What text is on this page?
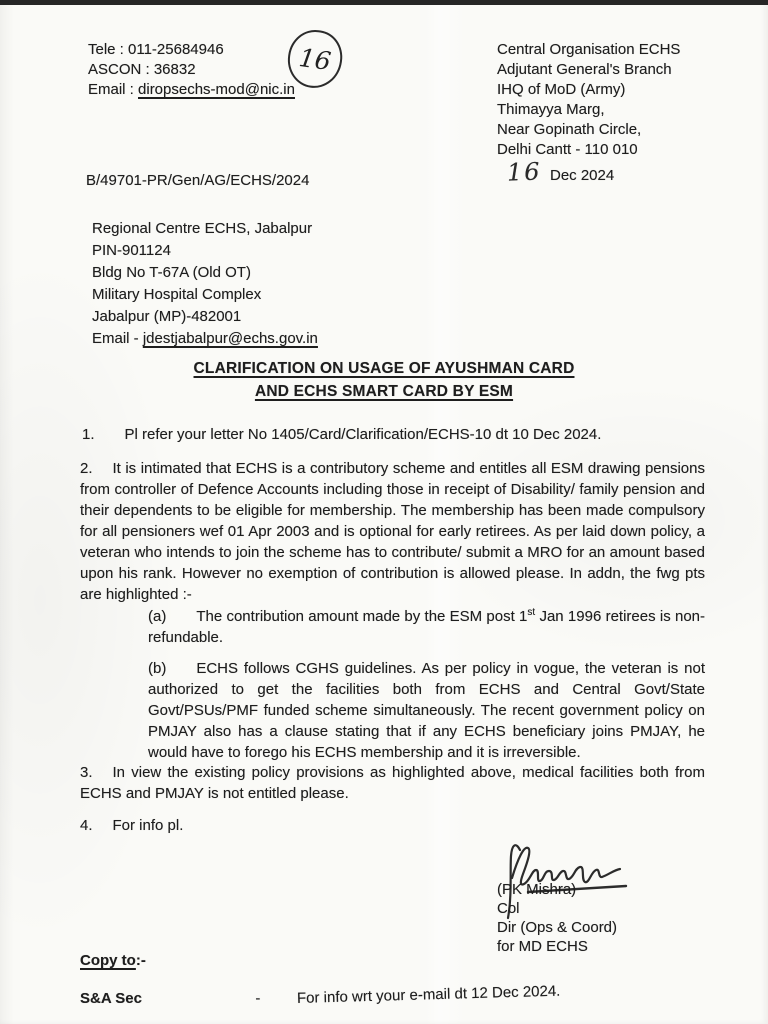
Tele : 011-25684946
ASCON : 36832
Email : diropsechs-mod@nic.in
16	Central Organisation ECHS
Adjutant General's Branch
IHQ of MoD (Army)
Thimayya Marg,
Near Gopinath Circle,
Delhi Cantt - 110 010
B/49701-PR/Gen/AG/ECHS/2024	16 Dec 2024
Regional Centre ECHS, Jabalpur
PIN-901124
Bldg No T-67A (Old OT)
Military Hospital Complex
Jabalpur (MP)-482001
Email - jdestjabalpur@echs.gov.in
CLARIFICATION ON USAGE OF AYUSHMAN CARD
AND ECHS SMART CARD BY ESM
1. Pl refer your letter No 1405/Card/Clarification/ECHS-10 dt 10 Dec 2024.
2. It is intimated that ECHS is a contributory scheme and entitles all ESM drawing pensions from controller of Defence Accounts including those in receipt of Disability/ family pension and their dependents to be eligible for membership. The membership has been made compulsory for all pensioners wef 01 Apr 2003 and is optional for early retirees. As per laid down policy, a veteran who intends to join the scheme has to contribute/ submit a MRO for an amount based upon his rank. However no exemption of contribution is allowed please. In addn, the fwg pts are highlighted :-
(a) The contribution amount made by the ESM post 1st Jan 1996 retirees is non-refundable.
(b) ECHS follows CGHS guidelines. As per policy in vogue, the veteran is not authorized to get the facilities both from ECHS and Central Govt/State Govt/PSUs/PMF funded scheme simultaneously. The recent government policy on PMJAY also has a clause stating that if any ECHS beneficiary joins PMJAY, he would have to forego his ECHS membership and it is irreversible.
3. In view the existing policy provisions as highlighted above, medical facilities both from ECHS and PMJAY is not entitled please.
4. For info pl.
(PK Mishra)
Col
Dir (Ops & Coord)
for MD ECHS
Copy to:-
S&A Sec	- For info wrt your e-mail dt 12 Dec 2024.
